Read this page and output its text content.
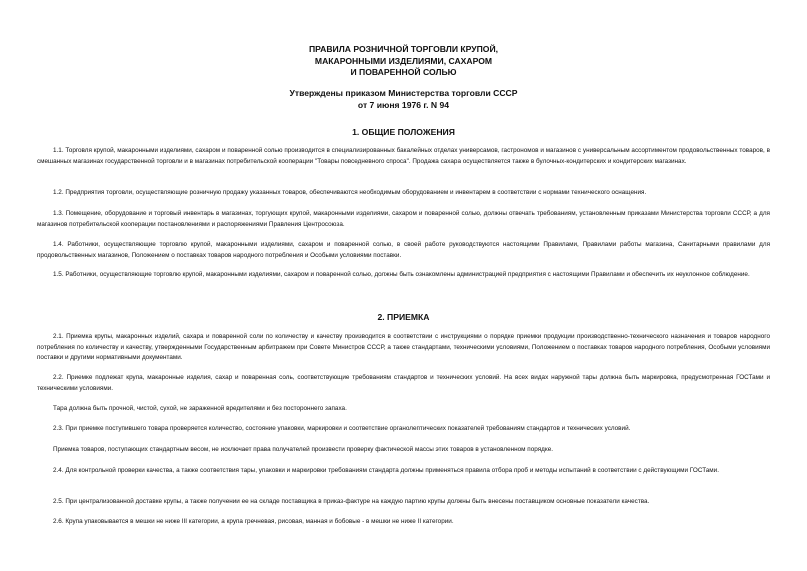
ПРАВИЛА РОЗНИЧНОЙ ТОРГОВЛИ КРУПОЙ,
МАКАРОННЫМИ ИЗДЕЛИЯМИ, САХАРОМ
И ПОВАРЕННОЙ СОЛЬЮ
Утверждены приказом Министерства торговли СССР
от 7 июня 1976 г. N 94
1. ОБЩИЕ ПОЛОЖЕНИЯ

1.1. Торговля крупой, макаронными изделиями, сахаром и поваренной солью производится в специализированных бакалейных отделах универсамов, гастрономов и магазинов с универсальным ассортиментом продовольственных товаров, в смешанных магазинах государственной торговли и в магазинах потребительской кооперации "Товары повседневного спроса". Продажа сахара осуществляется также в булочных-кондитерских и кондитерских магазинах.

1.2. Предприятия торговли, осуществляющие розничную продажу указанных товаров, обеспечиваются необходимым оборудованием и инвентарем в соответствии с нормами технического оснащения.

1.3. Помещение, оборудование и торговый инвентарь в магазинах, торгующих крупой, макаронными изделиями, сахаром и поваренной солью, должны отвечать требованиям, установленным приказами Министерства торговли СССР, а для магазинов потребительской кооперации постановлениями и распоряжениями Правления Центросоюза.

1.4. Работники, осуществляющие торговлю крупой, макаронными изделиями, сахаром и поваренной солью, в своей работе руководствуются настоящими Правилами, Правилами работы магазина, Санитарными правилами для продовольственных магазинов, Положением о поставках товаров народного потребления и Особыми условиями поставки.

1.5. Работники, осуществляющие торговлю крупой, макаронными изделиями, сахаром и поваренной солью, должны быть ознакомлены администрацией предприятия с настоящими Правилами и обеспечить их неуклонное соблюдение.

2. ПРИЕМКА

2.1. Приемка крупы, макаронных изделий, сахара и поваренной соли по количеству и качеству производится в соответствии с инструкциями о порядке приемки продукции производственно-технического назначения и товаров народного потребления по количеству и качеству, утвержденными Государственным арбитражем при Совете Министров СССР, а также стандартами, техническими условиями, Положением о поставках товаров народного потребления, Особыми условиями поставки и другими нормативными документами.

2.2. Приемке подлежат крупа, макаронные изделия, сахар и поваренная соль, соответствующие требованиям стандартов и технических условий. На всех видах наружной тары должна быть маркировка, предусмотренная ГОСТами и техническими условиями.

Тара должна быть прочной, чистой, сухой, не зараженной вредителями и без постороннего запаха.

2.3. При приемке поступившего товара проверяется количество, состояние упаковки, маркировки и соответствие органолептических показателей требованиям стандартов и технических условий.

Приемка товаров, поступающих стандартным весом, не исключает права получателей произвести проверку фактической массы этих товаров в установленном порядке.

2.4. Для контрольной проверки качества, а также соответствия тары, упаковки и маркировки требованиям стандарта должны применяться правила отбора проб и методы испытаний в соответствии с действующими ГОСТами.

2.5. При централизованной доставке крупы, а также получении ее на складе поставщика в приказ-фактуре на каждую партию крупы должны быть внесены поставщиком основные показатели качества.

2.6. Крупа упаковывается в мешки не ниже III категории, а крупа гречневая, рисовая, манная и бобовые - в мешки не ниже II категории.
